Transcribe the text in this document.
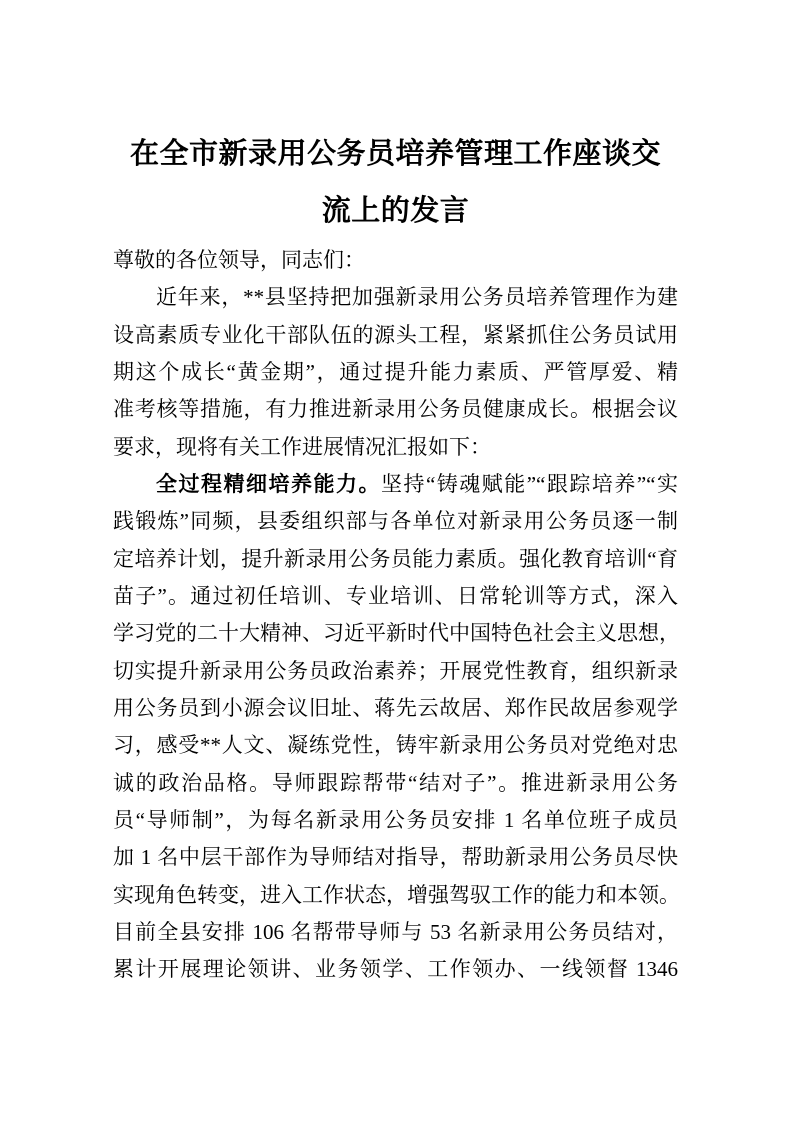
在全市新录用公务员培养管理工作座谈交
流上的发言
尊敬的各位领导，同志们：
近年来，**县坚持把加强新录用公务员培养管理作为建
设高素质专业化干部队伍的源头工程，紧紧抓住公务员试用
期这个成长“黄金期”，通过提升能力素质、严管厚爱、精
准考核等措施，有力推进新录用公务员健康成长。根据会议
要求，现将有关工作进展情况汇报如下：
全过程精细培养能力。坚持“铸魂赋能”“跟踪培养”“实
践锻炼”同频，县委组织部与各单位对新录用公务员逐一制
定培养计划，提升新录用公务员能力素质。强化教育培训“育
苗子”。通过初任培训、专业培训、日常轮训等方式，深入
学习党的二十大精神、习近平新时代中国特色社会主义思想，
切实提升新录用公务员政治素养；开展党性教育，组织新录
用公务员到小源会议旧址、蒋先云故居、郑作民故居参观学
习，感受**人文、凝练党性，铸牢新录用公务员对党绝对忠
诚的政治品格。导师跟踪帮带“结对子”。推进新录用公务
员“导师制”，为每名新录用公务员安排 1 名单位班子成员
加 1 名中层干部作为导师结对指导，帮助新录用公务员尽快
实现角色转变，进入工作状态，增强驾驭工作的能力和本领。
目前全县安排 106 名帮带导师与 53 名新录用公务员结对，
累计开展理论领讲、业务领学、工作领办、一线领督 1346
